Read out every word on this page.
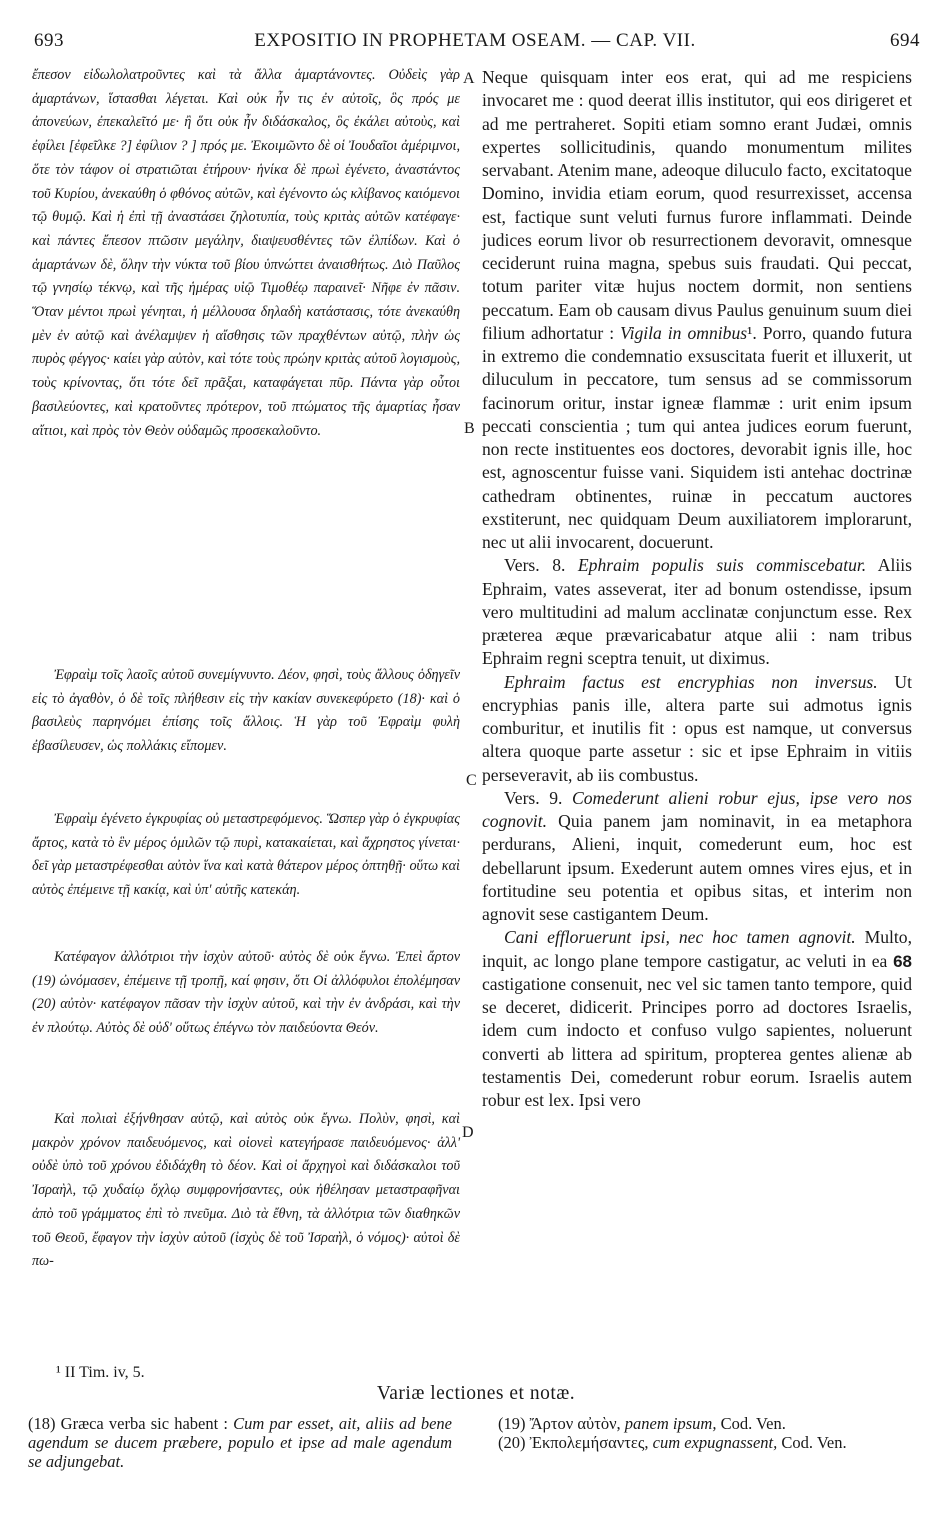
693	EXPOSITIO IN PROPHETAM OSEAM. — CAP. VII.	694

ἔπεσον εἰδωλολατροῦντες καὶ τὰ ἄλλα ἁμαρτάνοντες. Οὐδεὶς γὰρ ἁμαρτάνων, ἵστασθαι λέγεται. Καὶ οὐκ ἦν τις ἐν αὐτοῖς, ὃς πρός με ἀπονεύων, ἐπεκαλεῖτό με· ἢ ὅτι οὐκ ἦν διδάσκαλος, ὃς ἐκάλει αὐτοὺς, καὶ ἐφίλει [ἐφεῖλκε ?] ἐφίλιον ? ] πρός με. Ἐκοιμῶντο δὲ οἱ Ἰουδαῖοι ἀμέριμνοι, ὅτε τὸν τάφον οἱ στρατιῶται ἐτήρουν· ἡνίκα δὲ πρωὶ ἐγένετο, ἀναστάντος τοῦ Κυρίου, ἀνεκαύθη ὁ φθόνος αὐτῶν, καὶ ἐγένοντο ὡς κλίβανος καιόμενοι τῷ θυμῷ. Καὶ ἡ ἐπὶ τῇ ἀναστάσει ζηλοτυπία, τοὺς κριτὰς αὐτῶν κατέφαγε· καὶ πάντες ἔπεσον πτῶσιν μεγάλην, διαψευσθέντες τῶν ἐλπίδων. Καὶ ὁ ἁμαρτάνων δὲ, ὅλην τὴν νύκτα τοῦ βίου ὑπνώττει ἀναισθήτως. Διὸ Παῦλος τῷ γνησίῳ τέκνῳ, καὶ τῆς ἡμέρας υἱῷ Τιμοθέῳ παραινεῖ· Νῆφε ἐν πᾶσιν. Ὅταν μέντοι πρωὶ γένηται, ἡ μέλλουσα δηλαδὴ κατάστασις, τότε ἀνεκαύθη μὲν ἐν αὐτῷ καὶ ἀνέλαμψεν ἡ αἴσθησις τῶν πραχθέντων αὐτῷ, πλὴν ὡς πυρὸς φέγγος· καίει γὰρ αὐτὸν, καὶ τότε τοὺς πρώην κριτὰς αὐτοῦ λογισμοὺς, τοὺς κρίνοντας, ὅτι τότε δεῖ πρᾶξαι, καταφάγεται πῦρ. Πάντα γὰρ οὗτοι βασιλεύοντες, καὶ κρατοῦντες πρότερον, τοῦ πτώματος τῆς ἁμαρτίας ἦσαν αἴτιοι, καὶ πρὸς τὸν Θεὸν οὐδαμῶς προσεκαλοῦντο.

Ἐφραὶμ τοῖς λαοῖς αὐτοῦ συνεμίγνυντο. Δέον, φησὶ, τοὺς ἄλλους ὁδηγεῖν εἰς τὸ ἀγαθὸν, ὁ δὲ τοῖς πλήθεσιν εἰς τὴν κακίαν συνεκεφύρετο (18)· καὶ ὁ βασιλεὺς παρηνόμει ἐπίσης τοῖς ἄλλοις. Ἡ γὰρ τοῦ Ἐφραὶμ φυλὴ ἐβασίλευσεν, ὡς πολλάκις εἴπομεν.

Ἐφραὶμ ἐγένετο ἐγκρυφίας οὐ μεταστρεφόμενος. Ὥσπερ γὰρ ὁ ἐγκρυφίας ἄρτος, κατὰ τὸ ἓν μέρος ὁμιλῶν τῷ πυρὶ, κατακαίεται, καὶ ἄχρηστος γίνεται· δεῖ γὰρ μεταστρέφεσθαι αὐτὸν ἵνα καὶ κατὰ θάτερον μέρος ὀπτηθῇ· οὕτω καὶ αὐτὸς ἐπέμεινε τῇ κακίᾳ, καὶ ὑπ' αὐτῆς κατεκάη.

Κατέφαγον ἀλλότριοι τὴν ἰσχὺν αὐτοῦ· αὐτὸς δὲ οὐκ ἔγνω. Ἐπεὶ ἄρτον (19) ὠνόμασεν, ἐπέμεινε τῇ τροπῇ, καί φησιν, ὅτι Οἱ ἀλλόφυλοι ἐπολέμησαν (20) αὐτὸν· κατέφαγον πᾶσαν τὴν ἰσχὺν αὐτοῦ, καὶ τὴν ἐν ἀνδράσι, καὶ τὴν ἐν πλούτῳ. Αὐτὸς δὲ οὐδ' οὕτως ἐπέγνω τὸν παιδεύοντα Θεόν.

Καὶ πολιαὶ ἐξήνθησαν αὐτῷ, καὶ αὐτὸς οὐκ ἔγνω. Πολὺν, φησὶ, καὶ μακρὸν χρόνον παιδευόμενος, καὶ οἱονεὶ κατεγήρασε παιδευόμενος· ἀλλ' οὐδὲ ὑπὸ τοῦ χρόνου ἐδιδάχθη τὸ δέον. Καὶ οἱ ἄρχηγοὶ καὶ διδάσκαλοι τοῦ Ἰσραὴλ, τῷ χυδαίῳ ὄχλῳ συμφρονήσαντες, οὐκ ἠθέλησαν μεταστραφῆναι ἀπὸ τοῦ γράμματος ἐπὶ τὸ πνεῦμα. Διὸ τὰ ἔθνη, τὰ ἀλλότρια τῶν διαθηκῶν τοῦ Θεοῦ, ἔφαγον τὴν ἰσχὺν αὐτοῦ (ἰσχὺς δὲ τοῦ Ἰσραὴλ, ὁ νόμος)· αὐτοὶ δὲ πω-

A
B
C
D

Neque quisquam inter eos erat, qui ad me respiciens invocaret me : quod deerat illis institutor, qui eos dirigeret et ad me pertraheret. Sopiti etiam somno erant Judæi, omnis expertes sollicitudinis, quando monumentum milites servabant. Atenim mane, adeoque diluculo facto, excitatoque Domino, invidia etiam eorum, quod resurrexisset, accensa est, factique sunt veluti furnus furore inflammati. Deinde judices eorum livor ob resurrectionem devoravit, omnesque ceciderunt ruina magna, spebus suis fraudati. Qui peccat, totum pariter vitæ hujus noctem dormit, non sentiens peccatum. Eam ob causam divus Paulus genuinum suum diei filium adhortatur : Vigila in omnibus¹. Porro, quando futura in extremo die condemnatio exsuscitata fuerit et illuxerit, ut diluculum in peccatore, tum sensus ad se commissorum facinorum oritur, instar igneæ flammæ : urit enim ipsum peccati conscientia ; tum qui antea judices eorum fuerunt, non recte instituentes eos doctores, devorabit ignis ille, hoc est, agnoscentur fuisse vani. Siquidem isti antehac doctrinæ cathedram obtinentes, ruinæ in peccatum auctores exstiterunt, nec quidquam Deum auxiliatorem implorarunt, nec ut alii invocarent, docuerunt.

Vers. 8. Ephraim populis suis commiscebatur. Aliis Ephraim, vates asseverat, iter ad bonum ostendisse, ipsum vero multitudini ad malum acclinatæ conjunctum esse. Rex præterea æque prævaricabatur atque alii : nam tribus Ephraim regni sceptra tenuit, ut diximus.

Ephraim factus est encryphias non inversus. Ut encryphias panis ille, altera parte sui admotus ignis comburitur, et inutilis fit : opus est namque, ut conversus altera quoque parte assetur : sic et ipse Ephraim in vitiis perseveravit, ab iis combustus.

Vers. 9. Comederunt alieni robur ejus, ipse vero nos cognovit. Quia panem jam nominavit, in ea metaphora perdurans, Alieni, inquit, comederunt eum, hoc est debellarunt ipsum. Exederunt autem omnes vires ejus, et in fortitudine seu potentia et opibus sitas, et interim non agnovit sese castigantem Deum.

Cani effloruerunt ipsi, nec hoc tamen agnovit. Multo, inquit, ac longo plane tempore castigatur, ac veluti in ea 68 castigatione consenuit, nec vel sic tamen tanto tempore, quid se deceret, didicerit. Principes porro ad doctores Israelis, idem cum indocto et confuso vulgo sapientes, noluerunt converti ab littera ad spiritum, propterea gentes alienæ ab testamentis Dei, comederunt robur eorum. Israelis autem robur est lex. Ipsi vero

¹ II Tim. iv, 5.
Variæ lectiones et notæ.

(18) Græca verba sic habent : Cum par esset, ait, aliis ad bene agendum se ducem præbere, populo et ipse ad male agendum se adjungebat.

(19) Ἄρτον αὐτὸν, panem ipsum, Cod. Ven.

(20) Ἐκπολεμήσαντες, cum expugnassent, Cod. Ven.
